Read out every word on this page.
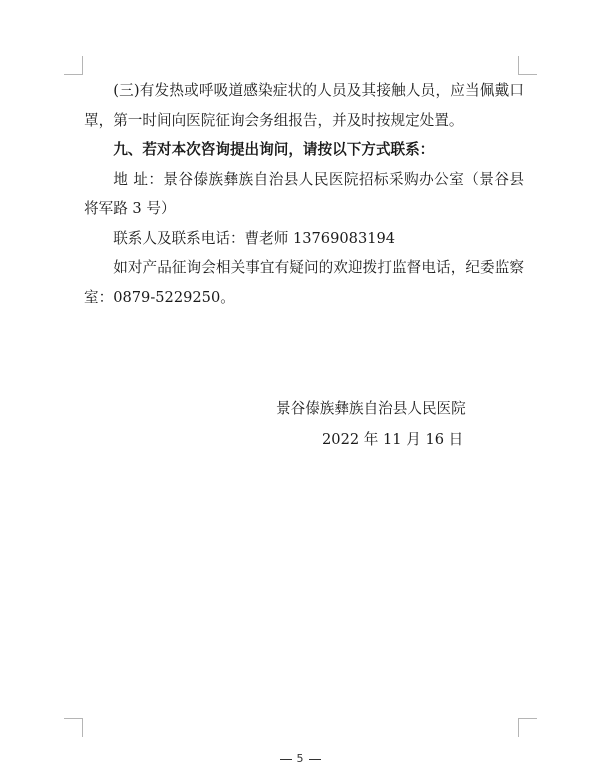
(三)有发热或呼吸道感染症状的人员及其接触人员，应当佩戴口罩，第一时间向医院征询会务组报告，并及时按规定处置。

九、若对本次咨询提出询问，请按以下方式联系：

地 址：景谷傣族彝族自治县人民医院招标采购办公室（景谷县将军路 3 号）

联系人及联系电话：曹老师 13769083194

如对产品征询会相关事宜有疑问的欢迎拨打监督电话，纪委监察室：0879-5229250。

景谷傣族彝族自治县人民医院
2022 年 11 月 16 日
5
